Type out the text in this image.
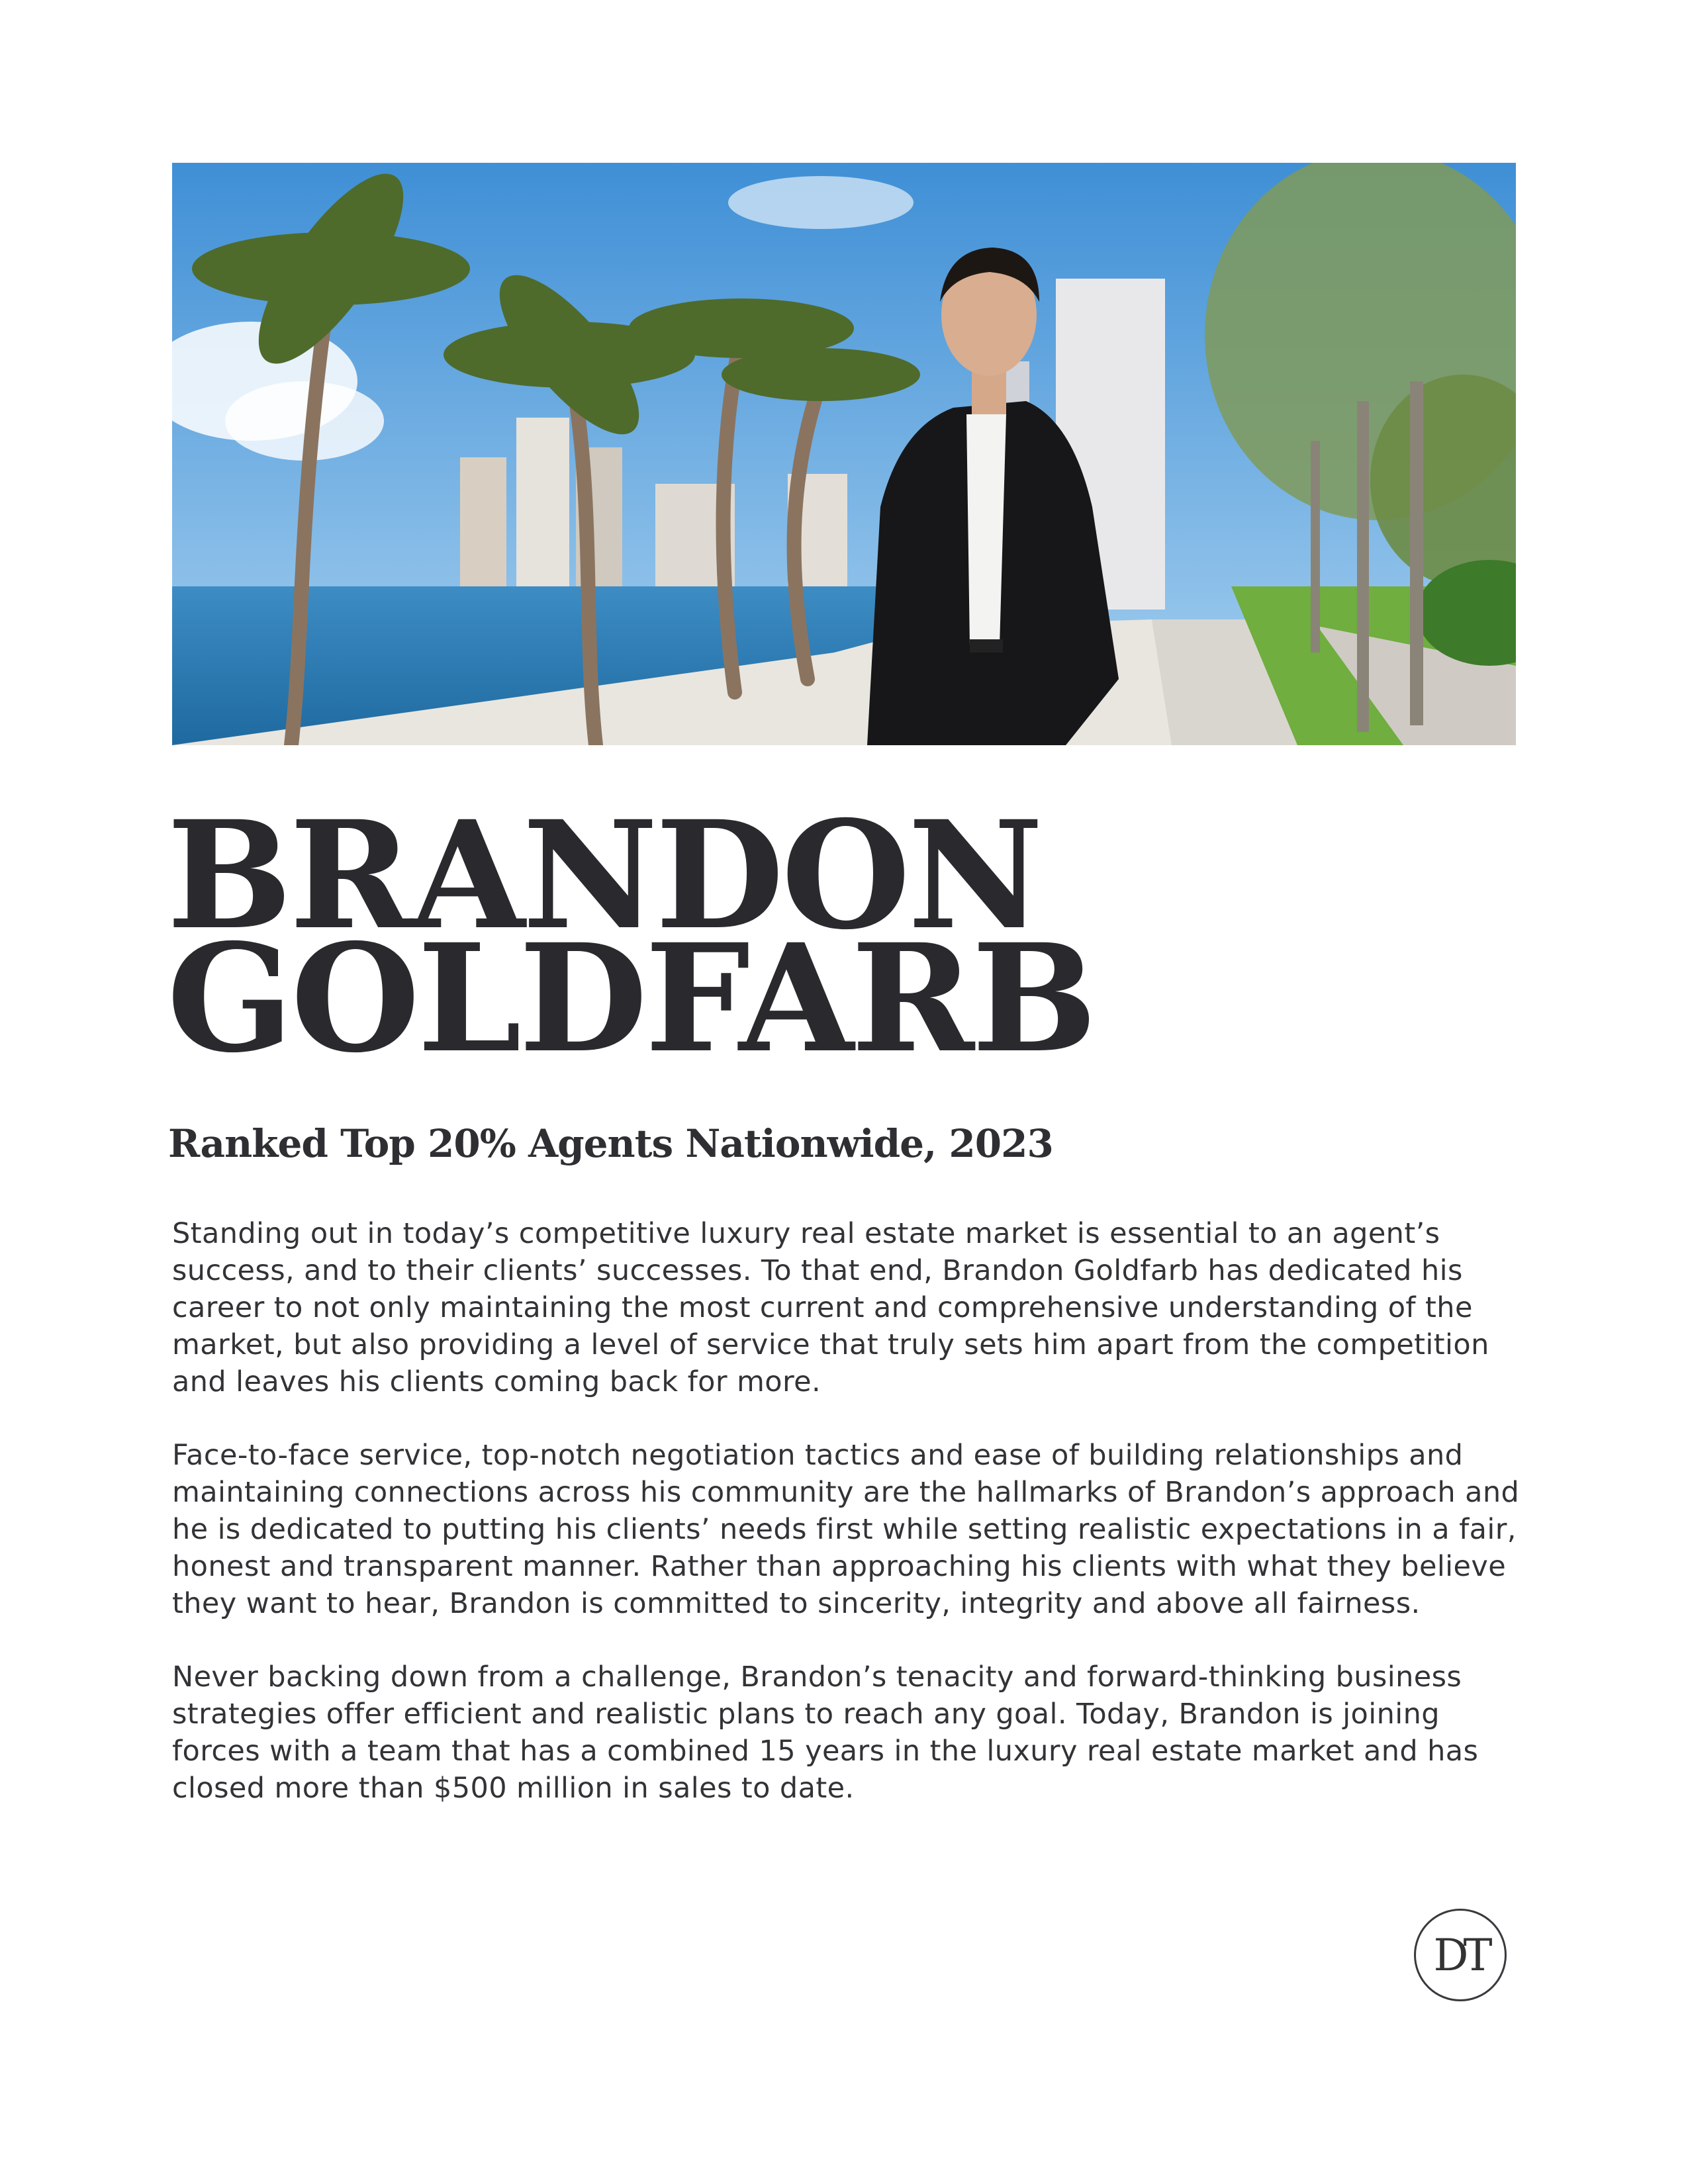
BRANDON
GOLDFARB
Ranked Top 20% Agents Nationwide, 2023

Standing out in today’s competitive luxury real estate market is essential to an agent’s success, and to their clients’ successes. To that end, Brandon Goldfarb has dedicated his career to not only maintaining the most current and comprehensive understanding of the market, but also providing a level of service that truly sets him apart from the competition and leaves his clients coming back for more.

Face-to-face service, top-notch negotiation tactics and ease of building relationships and maintaining connections across his community are the hallmarks of Brandon’s approach and he is dedicated to putting his clients’ needs first while setting realistic expectations in a fair, honest and transparent manner. Rather than approaching his clients with what they believe they want to hear, Brandon is committed to sincerity, integrity and above all fairness.

Never backing down from a challenge, Brandon’s tenacity and forward-thinking business strategies offer efficient and realistic plans to reach any goal. Today, Brandon is joining forces with a team that has a combined 15 years in the luxury real estate market and has closed more than $500 million in sales to date.

DT
